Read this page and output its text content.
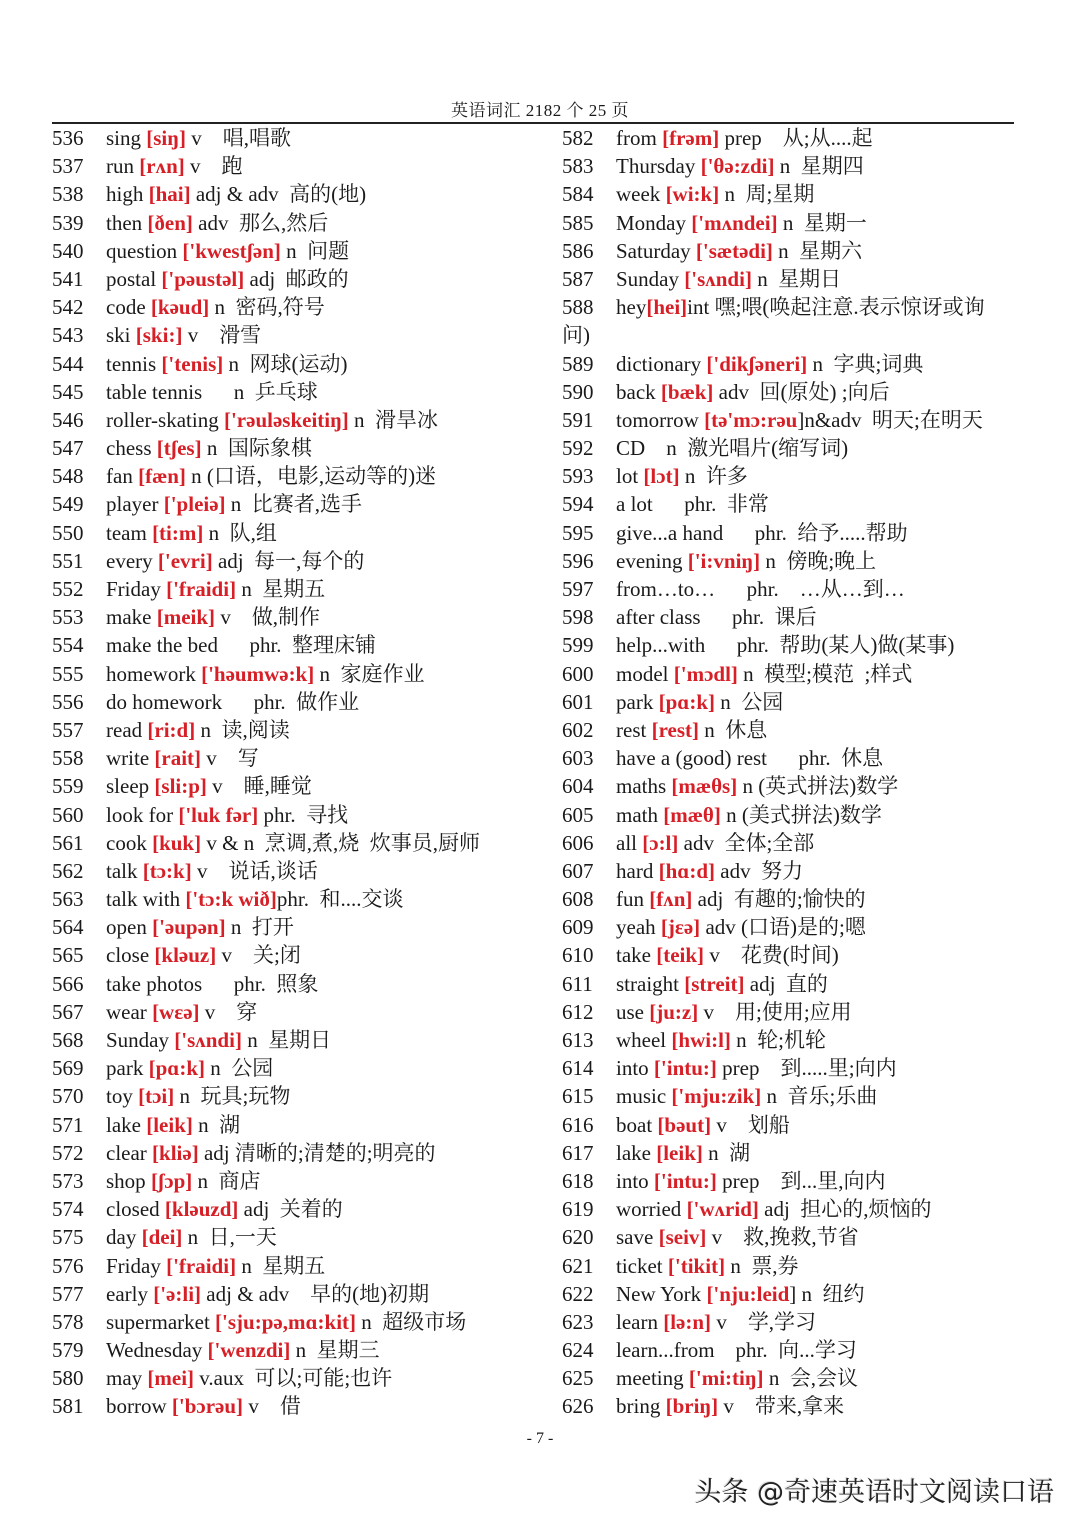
英语词汇 2182 个 25 页
536 sing [siŋ] v    唱,唱歌
537 run [rʌn] v    跑
538 high [hai] adj & adv  高的(地)
539 then [ðen] adv  那么,然后
540 question ['kwestʃən] n  问题
541 postal ['pəustəl] adj  邮政的
542 code [kəud] n  密码,符号
543 ski [ski:] v    滑雪
544 tennis ['tenis] n  网球(运动)
545 table tennis      n  乒乓球
546 roller-skating ['rəuləskeitiŋ] n  滑旱冰
547 chess [tʃes] n  国际象棋
548 fan [fæn] n (口语，电影,运动等的)迷
549 player ['pleiə] n  比赛者,选手
550 team [ti:m] n  队,组
551 every ['evri] adj  每一,每个的
552 Friday ['fraidi] n  星期五
553 make [meik] v    做,制作
554 make the bed      phr.  整理床铺
555 homework ['həumwə:k] n  家庭作业
556 do homework      phr.  做作业
557 read [ri:d] n  读,阅读
558 write [rait] v    写
559 sleep [sli:p] v    睡,睡觉
560 look for ['luk fər] phr.  寻找
561 cook [kuk] v & n  烹调,煮,烧  炊事员,厨师
562 talk [tɔ:k] v    说话,谈话
563 talk with ['tɔ:k wið]phr.  和....交谈
564 open ['əupən] n  打开
565 close [kləuz] v    关;闭
566 take photos      phr.  照象
567 wear [wεə] v    穿
568 Sunday ['sʌndi] n  星期日
569 park [pɑ:k] n  公园
570 toy [tɔi] n  玩具;玩物
571 lake [leik] n  湖
572 clear [kliə] adj 清晰的;清楚的;明亮的
573 shop [ʃɔp] n  商店
574 closed [kləuzd] adj  关着的
575 day [dei] n  日,一天
576 Friday ['fraidi] n  星期五
577 early ['ə:li] adj & adv    早的(地)初期
578 supermarket ['sju:pə,mɑ:kit] n  超级市场
579 Wednesday ['wenzdi] n  星期三
580 may [mei] v.aux  可以;可能;也许
581 borrow ['bɔrəu] v    借
582 from [frəm] prep    从;从....起
583 Thursday ['θə:zdi] n  星期四
584 week [wi:k] n  周;星期
585 Monday ['mʌndei] n  星期一
586 Saturday ['sætədi] n  星期六
587 Sunday ['sʌndi] n  星期日
588 hey[hei]int 嘿;喂(唤起注意.表示惊讶或询
问)
589 dictionary ['dikʃəneri] n  字典;词典
590 back [bæk] adv  回(原处) ;向后
591 tomorrow [tə'mɔ:rəu]n&adv  明天;在明天
592 CD    n  激光唱片(缩写词)
593 lot [lɔt] n  许多
594 a lot      phr.  非常
595 give...a hand      phr.  给予.....帮助
596 evening ['i:vniŋ] n  傍晚;晚上
597 from…to…      phr.    …从…到…
598 after class      phr.  课后
599 help...with      phr.  帮助(某人)做(某事)
600 model ['mɔdl] n  模型;模范  ;样式
601 park [pɑ:k] n  公园
602 rest [rest] n  休息
603 have a (good) rest      phr.  休息
604 maths [mæθs] n (英式拼法)数学
605 math [mæθ] n (美式拼法)数学
606 all [ɔ:l] adv  全体;全部
607 hard [hɑ:d] adv  努力
608 fun [fʌn] adj  有趣的;愉快的
609 yeah [jεə] adv (口语)是的;嗯
610 take [teik] v    花费(时间)
611 straight [streit] adj  直的
612 use [ju:z] v    用;使用;应用
613 wheel [hwi:l] n  轮;机轮
614 into ['intu:] prep    到.....里;向内
615 music ['mju:zik] n  音乐;乐曲
616 boat [bəut] v    划船
617 lake [leik] n  湖
618 into ['intu:] prep    到...里,向内
619 worried ['wʌrid] adj  担心的,烦恼的
620 save [seiv] v    救,挽救,节省
621 ticket ['tikit] n  票,券
622 New York ['nju:leid] n  纽约
623 learn [lə:n] v    学,学习
624 learn...from    phr.  向...学习
625 meeting ['mi:tiŋ] n  会,会议
626 bring [briŋ] v    带来,拿来
- 7 -
头条 @奇速英语时文阅读口语
